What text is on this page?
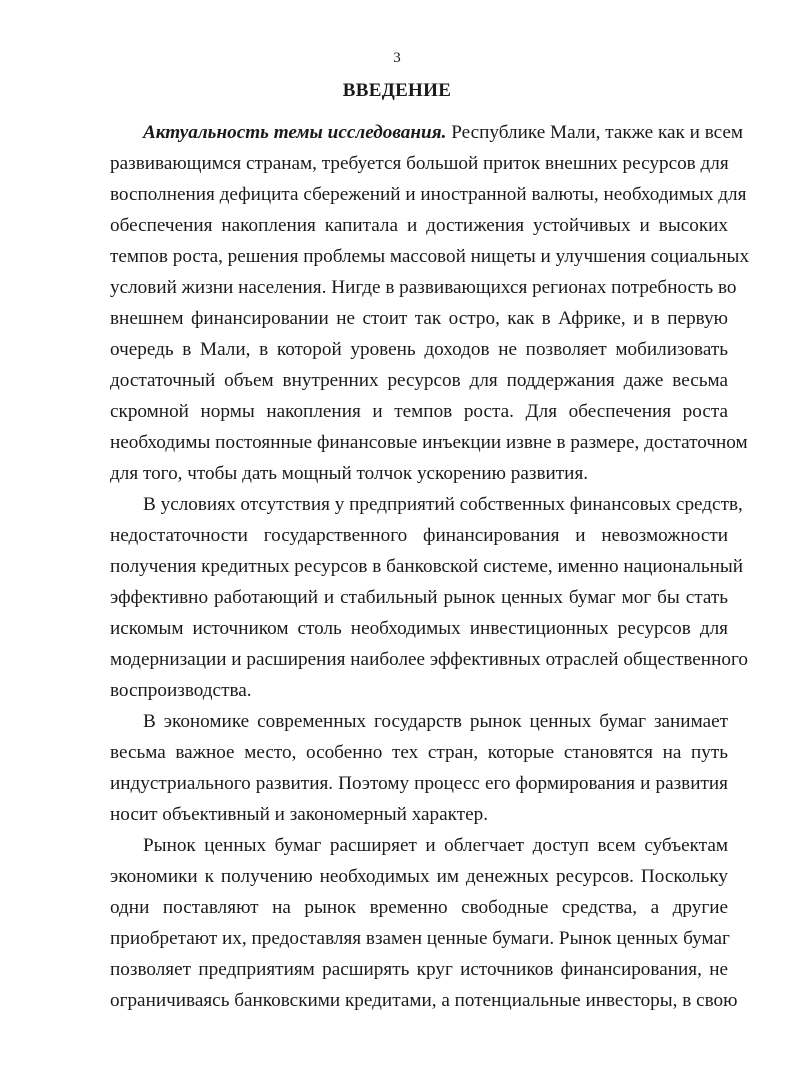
3
ВВЕДЕНИЕ
Актуальность темы исследования. Республике Мали, также как и всем
развивающимся странам, требуется большой приток внешних ресурсов для
восполнения дефицита сбережений и иностранной валюты, необходимых для
обеспечения накопления капитала и достижения устойчивых и высоких
темпов роста, решения проблемы массовой нищеты и улучшения социальных
условий жизни населения. Нигде в развивающихся регионах потребность во
внешнем финансировании не стоит так остро, как в Африке, и в первую
очередь в Мали, в которой уровень доходов не позволяет мобилизовать
достаточный объем внутренних ресурсов для поддержания даже весьма
скромной нормы накопления и темпов роста. Для обеспечения роста
необходимы постоянные финансовые инъекции извне в размере, достаточном
для того, чтобы дать мощный толчок ускорению развития.
В условиях отсутствия у предприятий собственных финансовых средств,
недостаточности государственного финансирования и невозможности
получения кредитных ресурсов в банковской системе, именно национальный
эффективно работающий и стабильный рынок ценных бумаг мог бы стать
искомым источником столь необходимых инвестиционных ресурсов для
модернизации и расширения наиболее эффективных отраслей общественного
воспроизводства.
В экономике современных государств рынок ценных бумаг занимает
весьма важное место, особенно тех стран, которые становятся на путь
индустриального развития. Поэтому процесс его формирования и развития
носит объективный и закономерный характер.
Рынок ценных бумаг расширяет и облегчает доступ всем субъектам
экономики к получению необходимых им денежных ресурсов. Поскольку
одни поставляют на рынок временно свободные средства, а другие
приобретают их, предоставляя взамен ценные бумаги. Рынок ценных бумаг
позволяет предприятиям расширять круг источников финансирования, не
ограничиваясь банковскими кредитами, а потенциальные инвесторы, в свою
